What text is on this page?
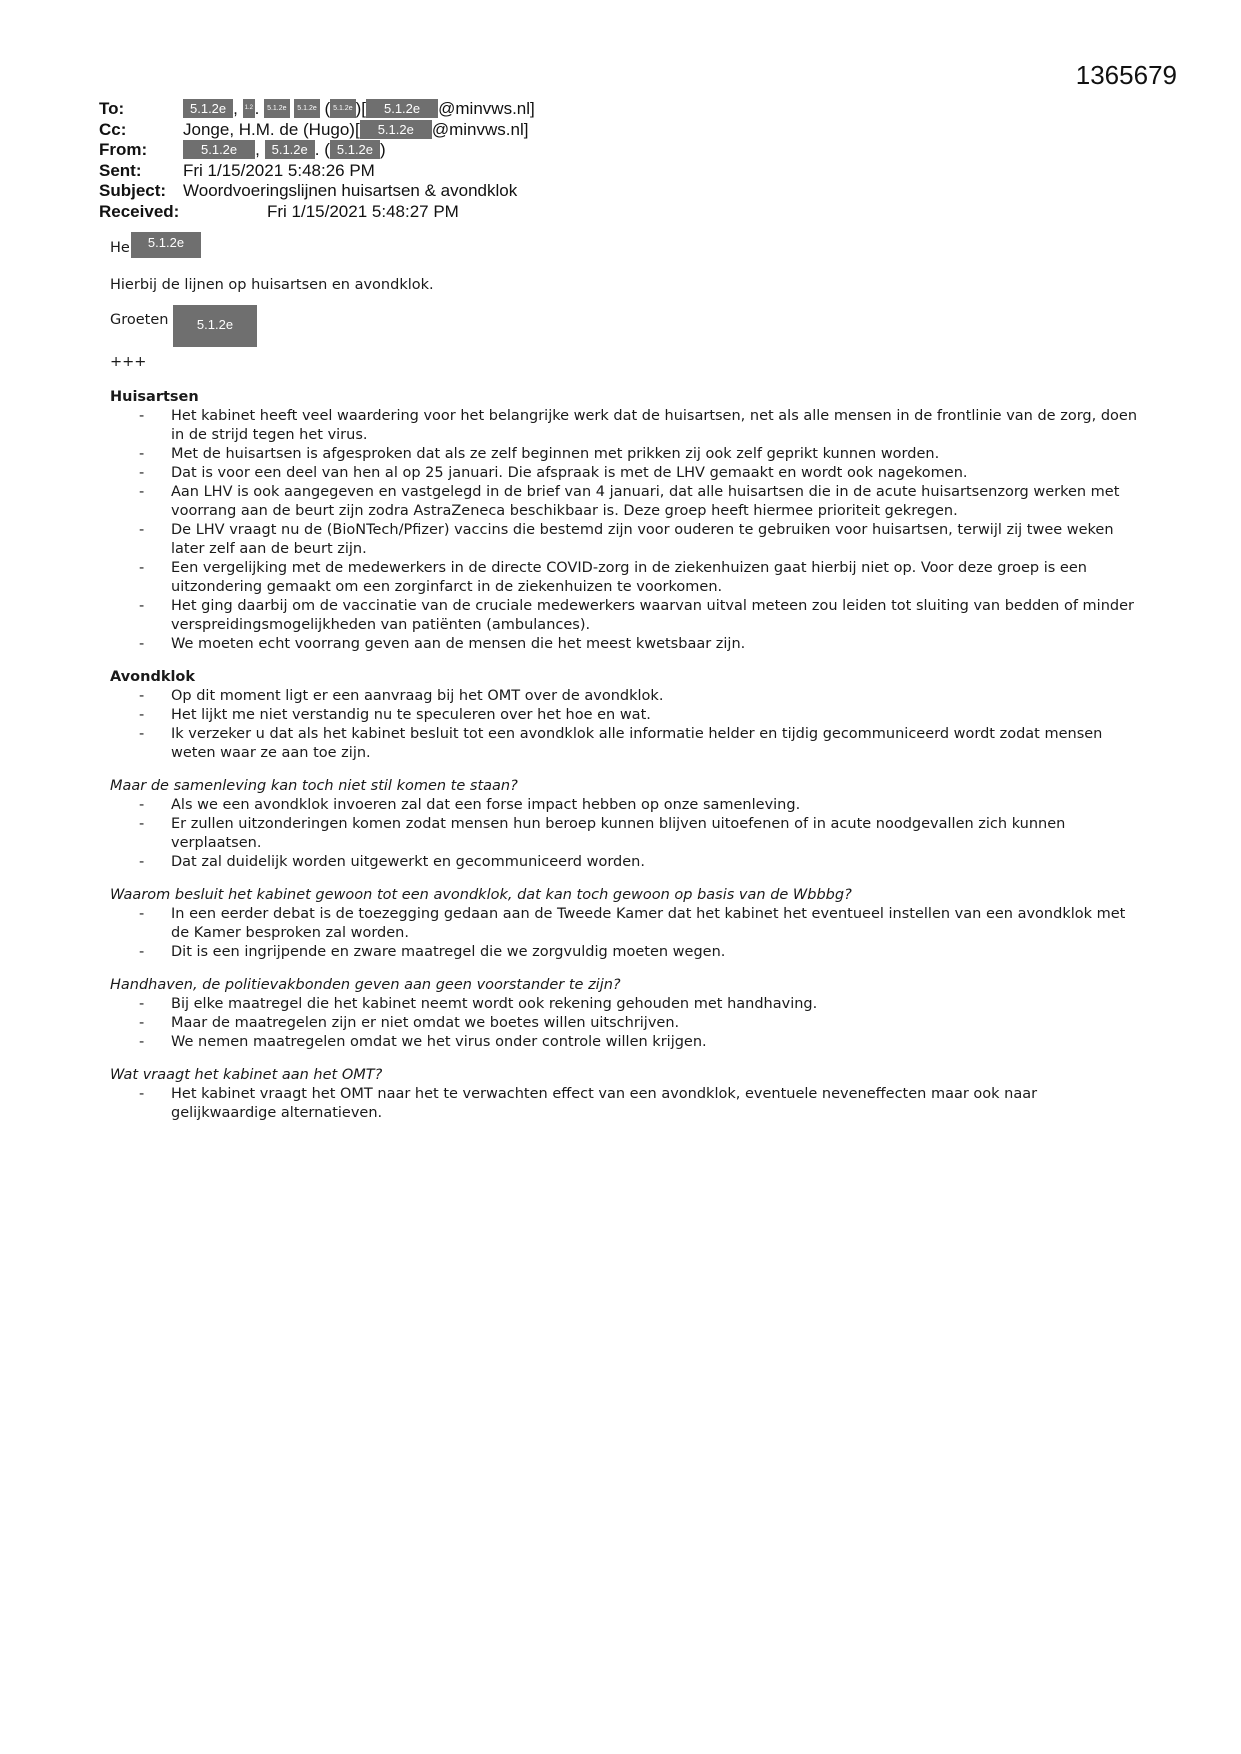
1365679
To:	5.1.2e , 1.2. 5.1.2e 5.1.2e ( 5.1.2e )[ 5.1.2e @minvws.nl]
Cc:	Jonge, H.M. de (Hugo)[ 5.1.2e @minvws.nl]
From:	5.1.2e , 5.1.2e . ( 5.1.2e )
Sent: Fri 1/15/2021 5:48:26 PM
Subject: Woordvoeringslijnen huisartsen & avondklok
Received:	Fri 1/15/2021 5:48:27 PM
He	5.1.2e

Hierbij de lijnen op huisartsen en avondklok.

Groeten	5.1.2e

+++

Huisartsen

- Het kabinet heeft veel waardering voor het belangrijke werk dat de huisartsen, net als alle mensen in de frontlinie van de zorg, doen in de strijd tegen het virus.
- Met de huisartsen is afgesproken dat als ze zelf beginnen met prikken zij ook zelf geprikt kunnen worden.
- Dat is voor een deel van hen al op 25 januari. Die afspraak is met de LHV gemaakt en wordt ook nagekomen.
- Aan LHV is ook aangegeven en vastgelegd in de brief van 4 januari, dat alle huisartsen die in de acute huisartsenzorg werken met voorrang aan de beurt zijn zodra AstraZeneca beschikbaar is. Deze groep heeft hiermee prioriteit gekregen.
- De LHV vraagt nu de (BioNTech/Pfizer) vaccins die bestemd zijn voor ouderen te gebruiken voor huisartsen, terwijl zij twee weken later zelf aan de beurt zijn.
- Een vergelijking met de medewerkers in de directe COVID-zorg in de ziekenhuizen gaat hierbij niet op. Voor deze groep is een uitzondering gemaakt om een zorginfarct in de ziekenhuizen te voorkomen.
- Het ging daarbij om de vaccinatie van de cruciale medewerkers waarvan uitval meteen zou leiden tot sluiting van bedden of minder verspreidingsmogelijkheden van patiënten (ambulances).
- We moeten echt voorrang geven aan de mensen die het meest kwetsbaar zijn.

Avondklok

- Op dit moment ligt er een aanvraag bij het OMT over de avondklok.
- Het lijkt me niet verstandig nu te speculeren over het hoe en wat.
- Ik verzeker u dat als het kabinet besluit tot een avondklok alle informatie helder en tijdig gecommuniceerd wordt zodat mensen weten waar ze aan toe zijn.

Maar de samenleving kan toch niet stil komen te staan?

- Als we een avondklok invoeren zal dat een forse impact hebben op onze samenleving.
- Er zullen uitzonderingen komen zodat mensen hun beroep kunnen blijven uitoefenen of in acute noodgevallen zich kunnen verplaatsen.
- Dat zal duidelijk worden uitgewerkt en gecommuniceerd worden.

Waarom besluit het kabinet gewoon tot een avondklok, dat kan toch gewoon op basis van de Wbbbg?

- In een eerder debat is de toezegging gedaan aan de Tweede Kamer dat het kabinet het eventueel instellen van een avondklok met de Kamer besproken zal worden.
- Dit is een ingrijpende en zware maatregel die we zorgvuldig moeten wegen.

Handhaven, de politievakbonden geven aan geen voorstander te zijn?

- Bij elke maatregel die het kabinet neemt wordt ook rekening gehouden met handhaving.
- Maar de maatregelen zijn er niet omdat we boetes willen uitschrijven.
- We nemen maatregelen omdat we het virus onder controle willen krijgen.

Wat vraagt het kabinet aan het OMT?

- Het kabinet vraagt het OMT naar het te verwachten effect van een avondklok, eventuele neveneffecten maar ook naar gelijkwaardige alternatieven.
